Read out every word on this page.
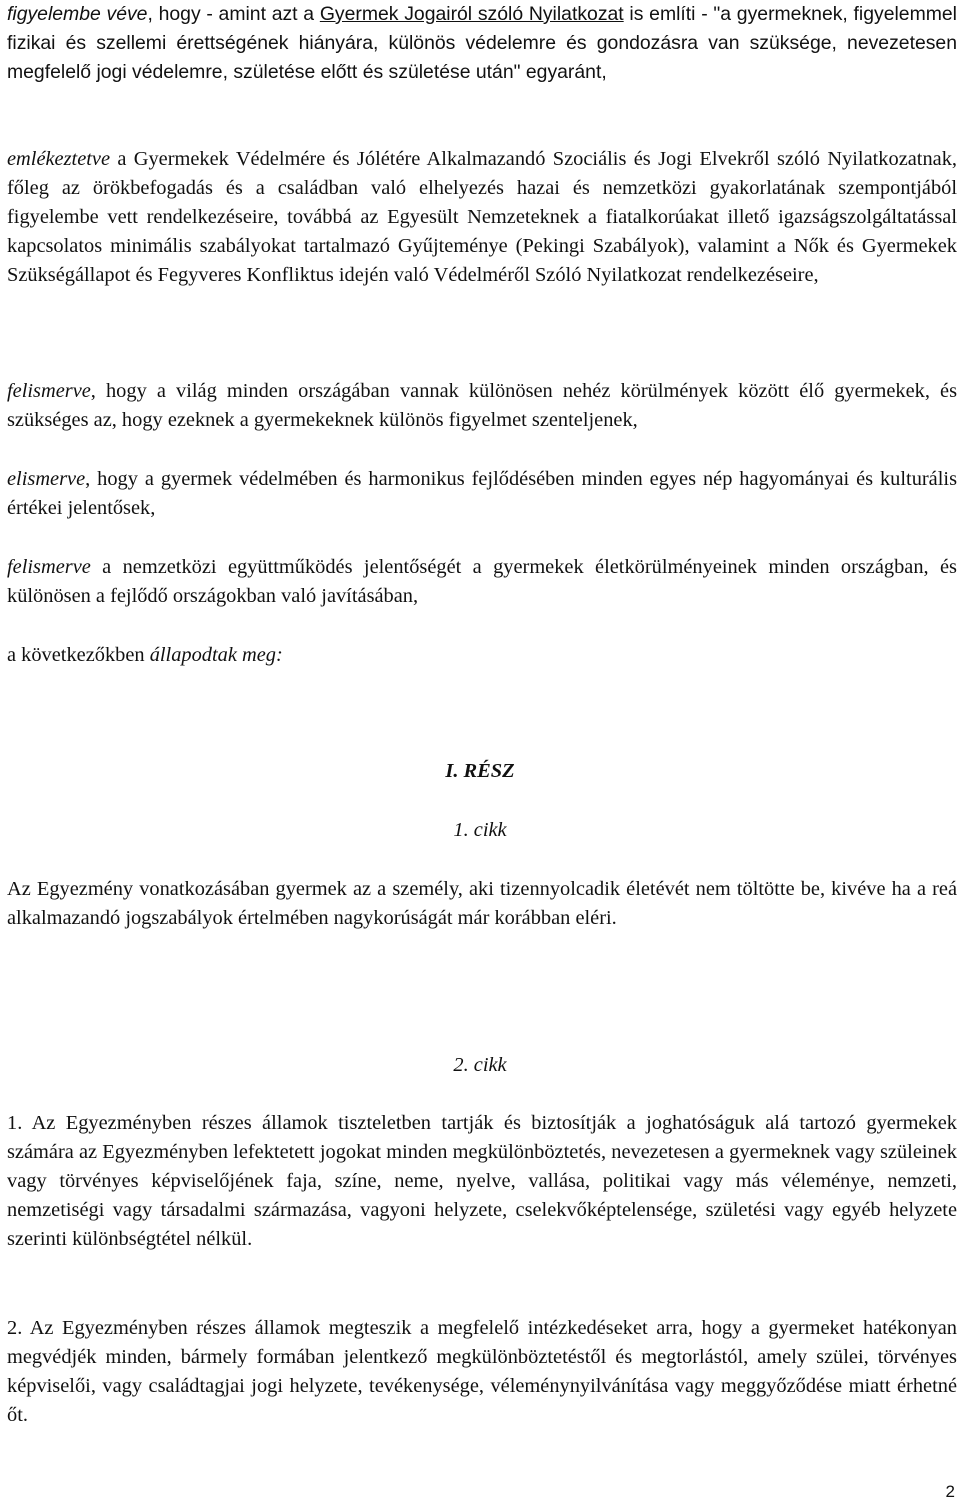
figyelembe véve, hogy - amint azt a Gyermek Jogairól szóló Nyilatkozat is említi - "a gyermeknek, figyelemmel fizikai és szellemi érettségének hiányára, különös védelemre és gondozásra van szüksége, nevezetesen megfelelő jogi védelemre, születése előtt és születése után" egyaránt,

emlékeztetve a Gyermekek Védelmére és Jólétére Alkalmazandó Szociális és Jogi Elvekről szóló Nyilatkozatnak, főleg az örökbefogadás és a családban való elhelyezés hazai és nemzetközi gyakorlatának szempontjából figyelembe vett rendelkezéseire, továbbá az Egyesült Nemzeteknek a fiatalkorúakat illető igazságszolgáltatással kapcsolatos minimális szabályokat tartalmazó Gyűjteménye (Pekingi Szabályok), valamint a Nők és Gyermekek Szükségállapot és Fegyveres Konfliktus idején való Védelméről Szóló Nyilatkozat rendelkezéseire,

felismerve, hogy a világ minden országában vannak különösen nehéz körülmények között élő gyermekek, és szükséges az, hogy ezeknek a gyermekeknek különös figyelmet szenteljenek,

elismerve, hogy a gyermek védelmében és harmonikus fejlődésében minden egyes nép hagyományai és kulturális értékei jelentősek,

felismerve a nemzetközi együttműködés jelentőségét a gyermekek életkörülményeinek minden országban, és különösen a fejlődő országokban való javításában,

a következőkben állapodtak meg:

I. RÉSZ

1. cikk

Az Egyezmény vonatkozásában gyermek az a személy, aki tizennyolcadik életévét nem töltötte be, kivéve ha a reá alkalmazandó jogszabályok értelmében nagykorúságát már korábban eléri.

2. cikk

1. Az Egyezményben részes államok tiszteletben tartják és biztosítják a joghatóságuk alá tartozó gyermekek számára az Egyezményben lefektetett jogokat minden megkülönböztetés, nevezetesen a gyermeknek vagy szüleinek vagy törvényes képviselőjének faja, színe, neme, nyelve, vallása, politikai vagy más véleménye, nemzeti, nemzetiségi vagy társadalmi származása, vagyoni helyzete, cselekvőképtelensége, születési vagy egyéb helyzete szerinti különbségtétel nélkül.

2. Az Egyezményben részes államok megteszik a megfelelő intézkedéseket arra, hogy a gyermeket hatékonyan megvédjék minden, bármely formában jelentkező megkülönböztetéstől és megtorlástól, amely szülei, törvényes képviselői, vagy családtagjai jogi helyzete, tevékenysége, véleménynyilvánítása vagy meggyőződése miatt érhetné őt.

2
